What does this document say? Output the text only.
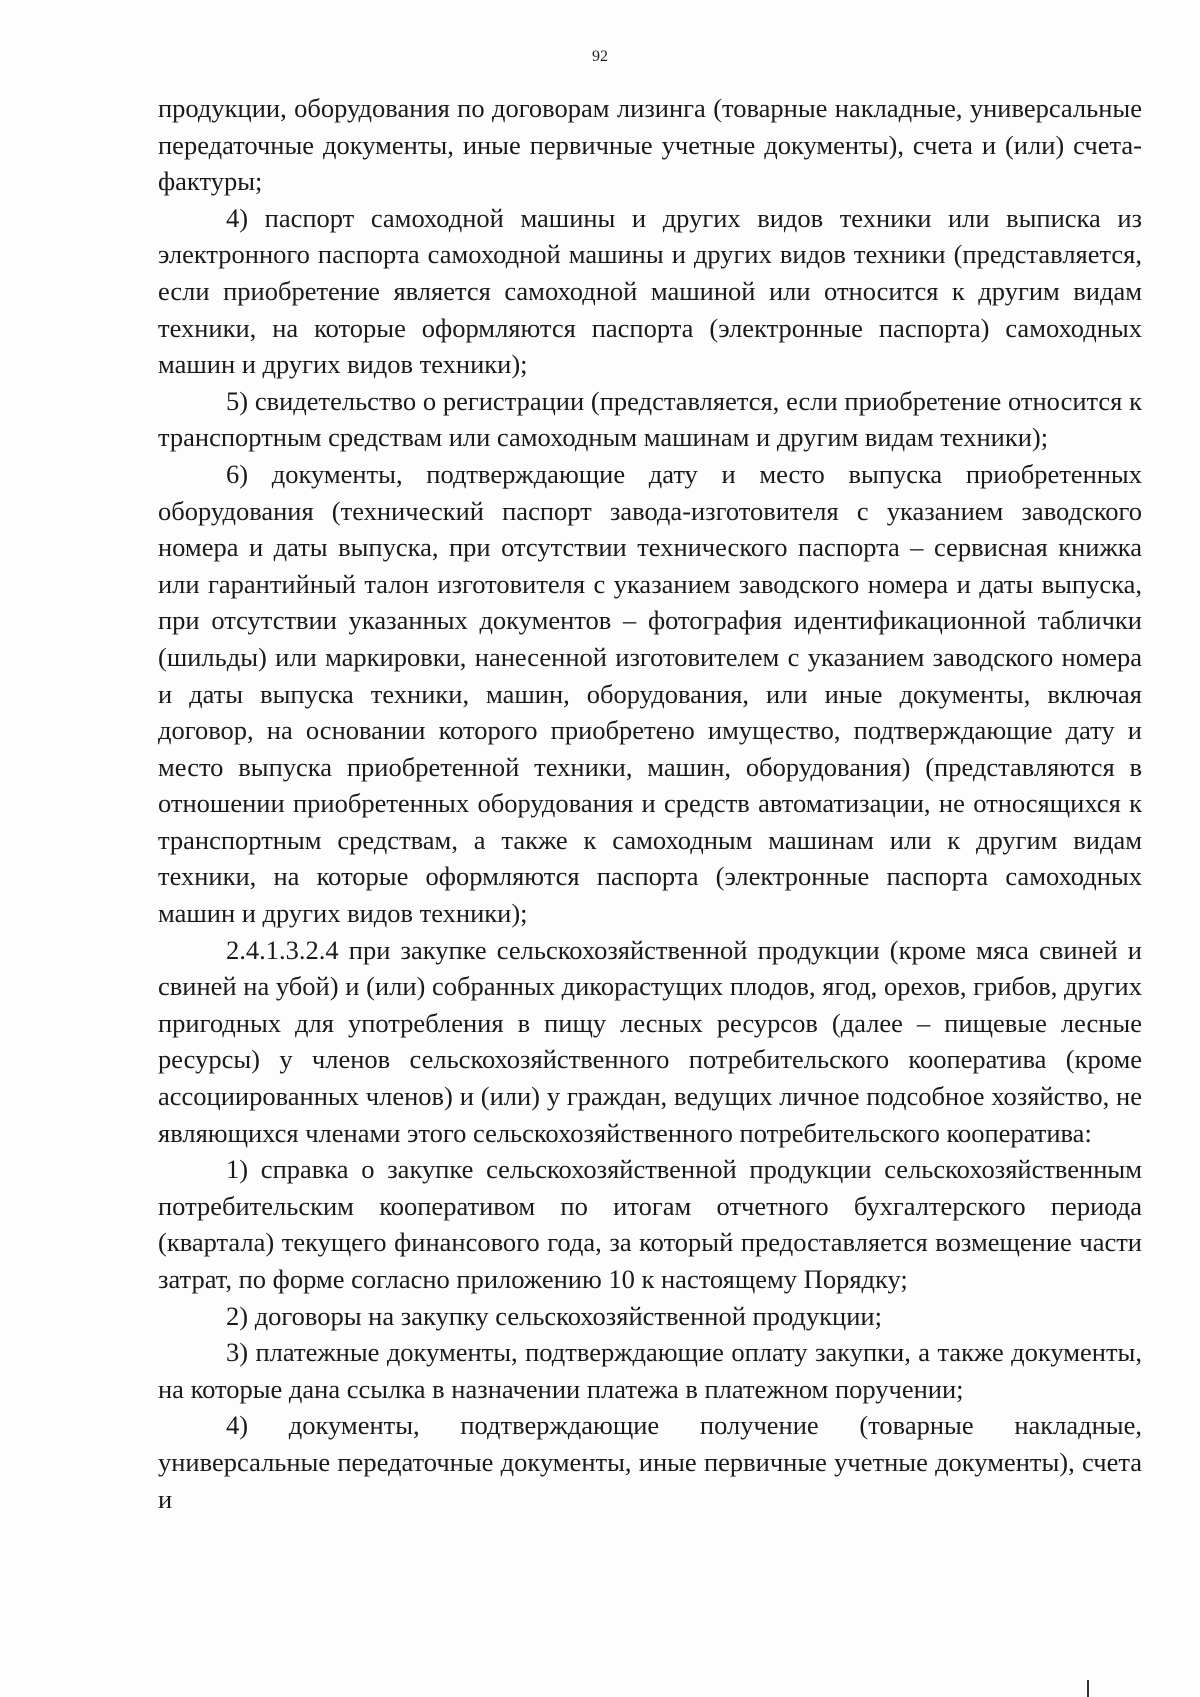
92

продукции, оборудования по договорам лизинга (товарные накладные, универсальные передаточные документы, иные первичные учетные документы), счета и (или) счета-фактуры;

4) паспорт самоходной машины и других видов техники или выписка из электронного паспорта самоходной машины и других видов техники (представляется, если приобретение является самоходной машиной или относится к другим видам техники, на которые оформляются паспорта (электронные паспорта) самоходных машин и других видов техники);

5) свидетельство о регистрации (представляется, если приобретение относится к транспортным средствам или самоходным машинам и другим видам техники);

6) документы, подтверждающие дату и место выпуска приобретенных оборудования (технический паспорт завода-изготовителя с указанием заводского номера и даты выпуска, при отсутствии технического паспорта – сервисная книжка или гарантийный талон изготовителя с указанием заводского номера и даты выпуска, при отсутствии указанных документов – фотография идентификационной таблички (шильды) или маркировки, нанесенной изготовителем с указанием заводского номера и даты выпуска техники, машин, оборудования, или иные документы, включая договор, на основании которого приобретено имущество, подтверждающие дату и место выпуска приобретенной техники, машин, оборудования) (представляются в отношении приобретенных оборудования и средств автоматизации, не относящихся к транспортным средствам, а также к самоходным машинам или к другим видам техники, на которые оформляются паспорта (электронные паспорта самоходных машин и других видов техники);

2.4.1.3.2.4 при закупке сельскохозяйственной продукции (кроме мяса свиней и свиней на убой) и (или) собранных дикорастущих плодов, ягод, орехов, грибов, других пригодных для употребления в пищу лесных ресурсов (далее – пищевые лесные ресурсы) у членов сельскохозяйственного потребительского кооператива (кроме ассоциированных членов) и (или) у граждан, ведущих личное подсобное хозяйство, не являющихся членами этого сельскохозяйственного потребительского кооператива:

1) справка о закупке сельскохозяйственной продукции сельскохозяйственным потребительским кооперативом по итогам отчетного бухгалтерского периода (квартала) текущего финансового года, за который предоставляется возмещение части затрат, по форме согласно приложению 10 к настоящему Порядку;

2) договоры на закупку сельскохозяйственной продукции;

3) платежные документы, подтверждающие оплату закупки, а также документы, на которые дана ссылка в назначении платежа в платежном поручении;

4) документы, подтверждающие получение (товарные накладные, универсальные передаточные документы, иные первичные учетные документы), счета и
